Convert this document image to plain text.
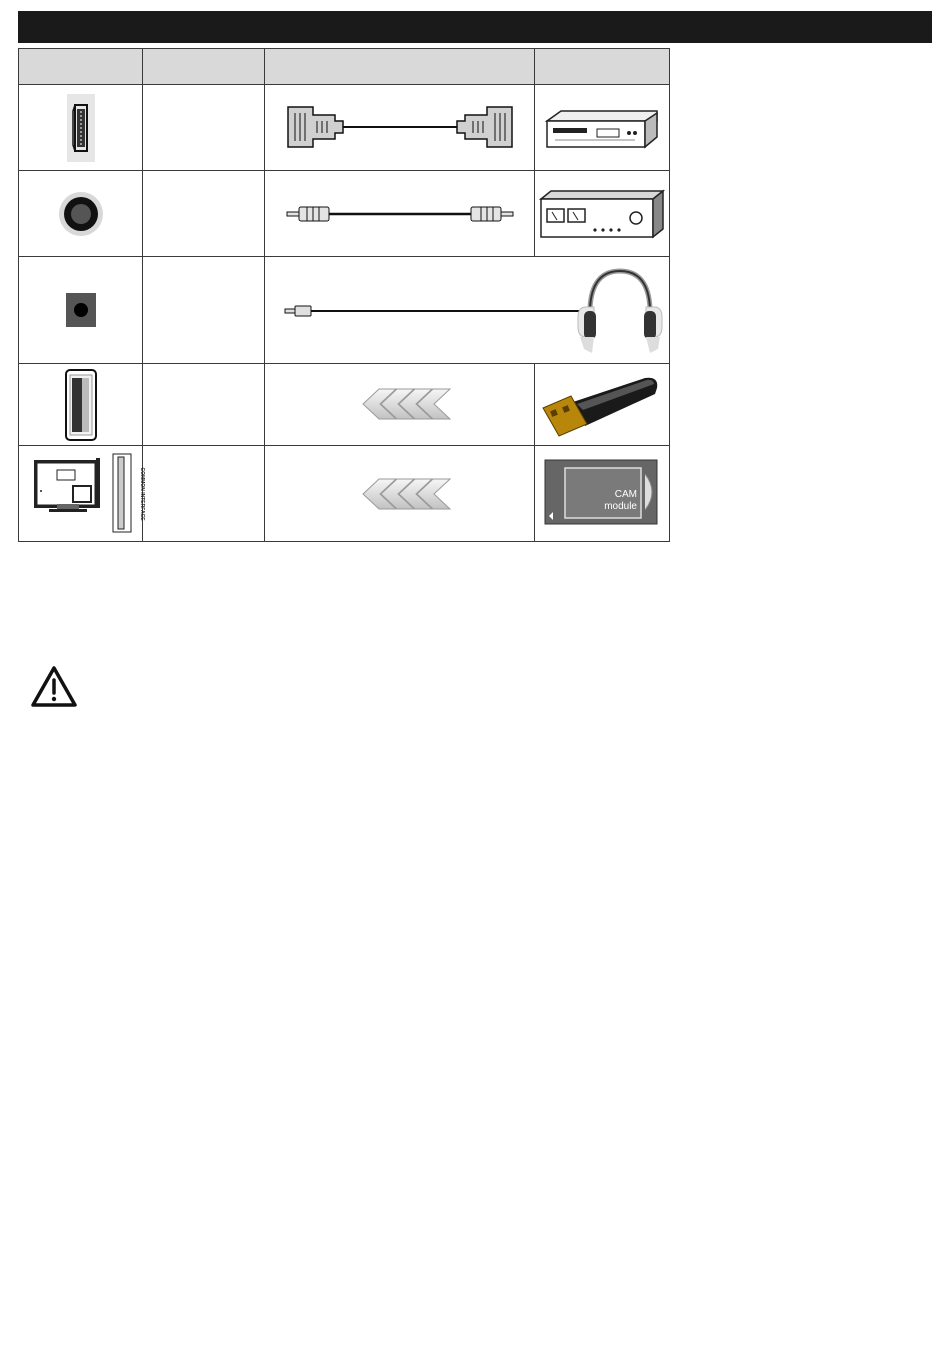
COMMON INTERFACE			CAM
module
